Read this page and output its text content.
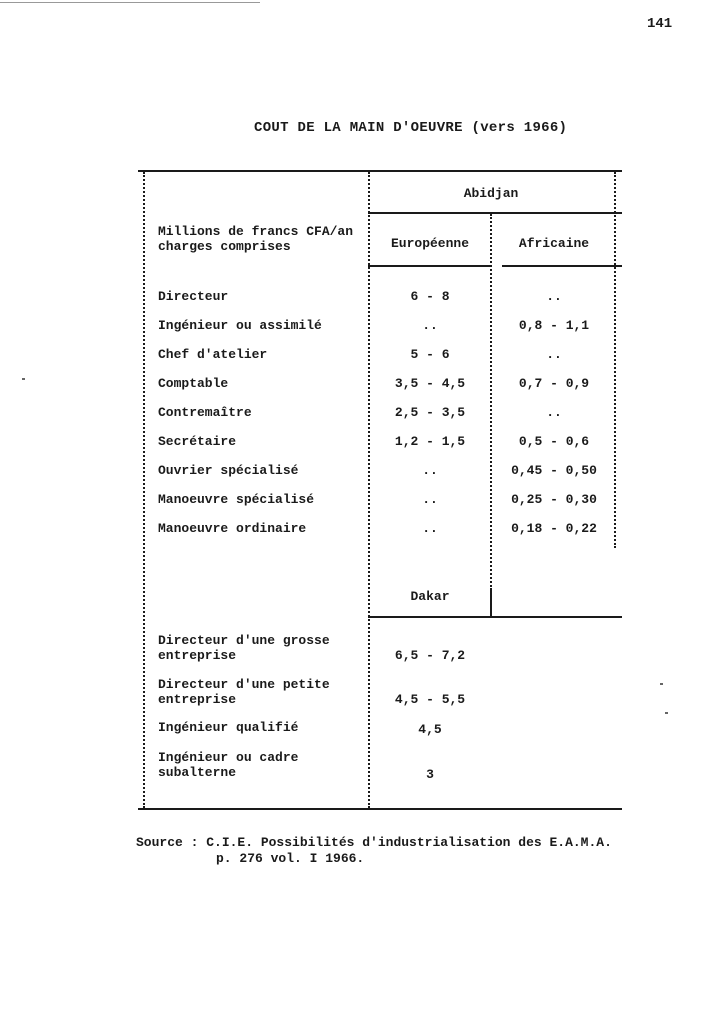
141
COUT DE LA MAIN D'OEUVRE (vers 1966)
Abidjan
Millions de francs CFA/an charges comprises	Européenne	Africaine
Directeur	6 - 8	..
Ingénieur ou assimilé	..	0,8 - 1,1
Chef d'atelier	5 - 6	..
Comptable	3,5 - 4,5	0,7 - 0,9
Contremaître	2,5 - 3,5	..
Secrétaire	1,2 - 1,5	0,5 - 0,6
Ouvrier spécialisé	..	0,45 - 0,50
Manoeuvre spécialisé	..	0,25 - 0,30
Manoeuvre ordinaire	..	0,18 - 0,22
Dakar
Directeur d'une grosse
entreprise	6,5 - 7,2
Directeur d'une petite
entreprise	4,5 - 5,5
Ingénieur qualifié	4,5
Ingénieur ou cadre
subalterne	3
Source : C.I.E. Possibilités d'industrialisation des E.A.M.A.
p. 276 vol. I 1966.
